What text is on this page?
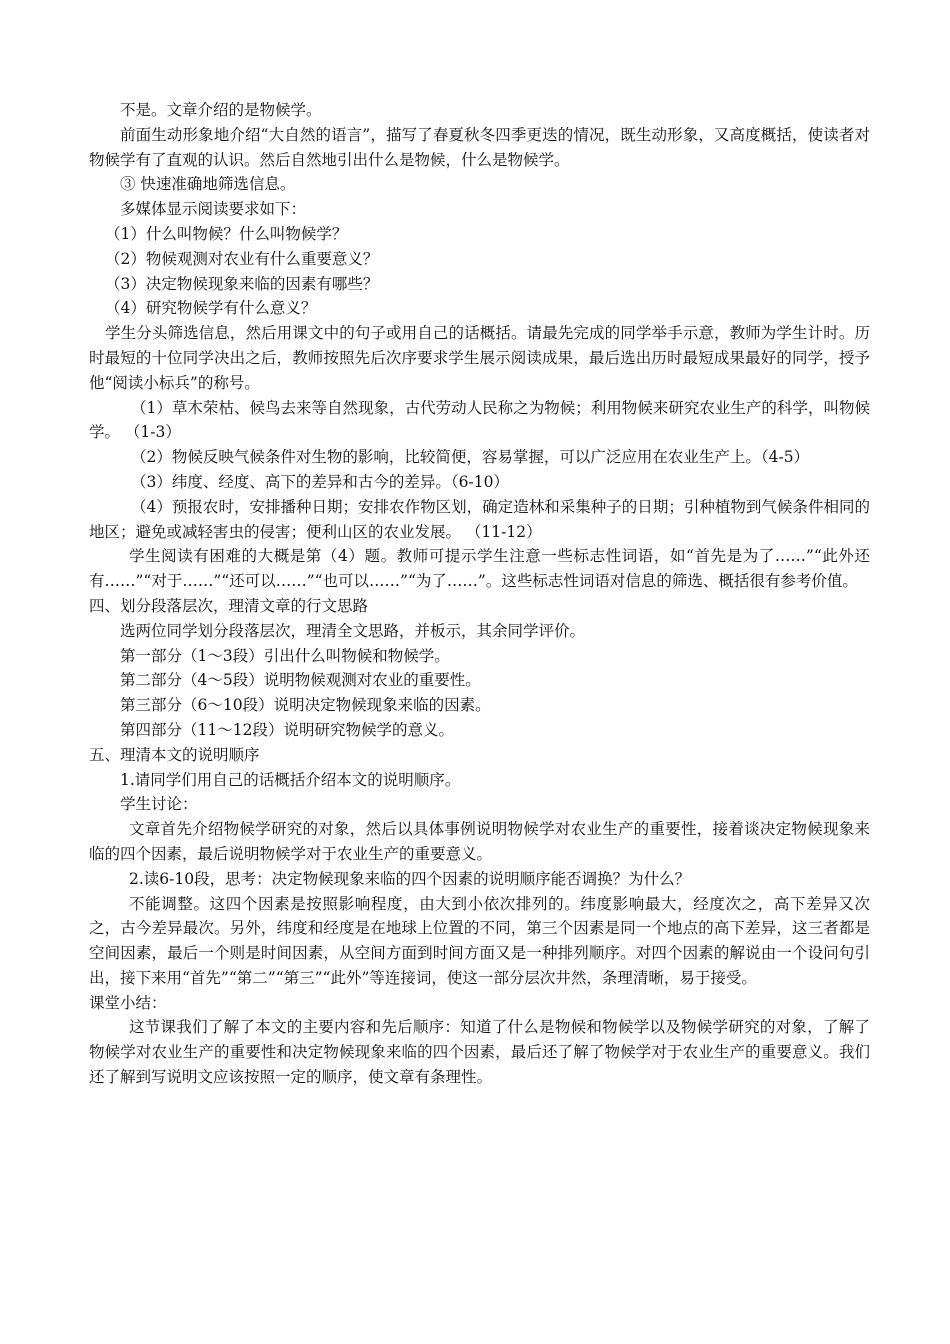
不是。文章介绍的是物候学。

前面生动形象地介绍“大自然的语言”，描写了春夏秋冬四季更迭的情况，既生动形象，又高度概括，使读者对物候学有了直观的认识。然后自然地引出什么是物候，什么是物候学。

③ 快速准确地筛选信息。

多媒体显示阅读要求如下：

（1）什么叫物候？什么叫物候学？

（2）物候观测对农业有什么重要意义？

（3）决定物候现象来临的因素有哪些？

（4）研究物候学有什么意义？

学生分头筛选信息，然后用课文中的句子或用自己的话概括。请最先完成的同学举手示意，教师为学生计时。历时最短的十位同学决出之后，教师按照先后次序要求学生展示阅读成果，最后选出历时最短成果最好的同学，授予他“阅读小标兵”的称号。

（1）草木荣枯、候鸟去来等自然现象，古代劳动人民称之为物候；利用物候来研究农业生产的科学，叫物候学。 （1-3）

（2）物候反映气候条件对生物的影响，比较简便，容易掌握，可以广泛应用在农业生产上。（4-5）

（3）纬度、经度、高下的差异和古今的差异。（6-10）

（4）预报农时，安排播种日期；安排农作物区划，确定造林和采集种子的日期；引种植物到气候条件相同的地区；避免或减轻害虫的侵害；便利山区的农业发展。 （11-12）

学生阅读有困难的大概是第（4）题。教师可提示学生注意一些标志性词语，如“首先是为了……”“此外还有……”“对于……”“还可以……”“也可以……”“为了……”。这些标志性词语对信息的筛选、概括很有参考价值。

四、划分段落层次，理清文章的行文思路

选两位同学划分段落层次，理清全文思路，并板示，其余同学评价。

第一部分（1～3段）引出什么叫物候和物候学。

第二部分（4～5段）说明物候观测对农业的重要性。

第三部分（6～10段）说明决定物候现象来临的因素。

第四部分（11～12段）说明研究物候学的意义。

五、理清本文的说明顺序

1.请同学们用自己的话概括介绍本文的说明顺序。

学生讨论：

文章首先介绍物候学研究的对象，然后以具体事例说明物候学对农业生产的重要性，接着谈决定物候现象来临的四个因素，最后说明物候学对于农业生产的重要意义。

2.读6-10段，思考：决定物候现象来临的四个因素的说明顺序能否调换？为什么？

不能调整。这四个因素是按照影响程度，由大到小依次排列的。纬度影响最大，经度次之，高下差异又次之，古今差异最次。另外，纬度和经度是在地球上位置的不同，第三个因素是同一个地点的高下差异，这三者都是空间因素，最后一个则是时间因素，从空间方面到时间方面又是一种排列顺序。对四个因素的解说由一个设问句引出，接下来用“首先”“第二”“第三”“此外”等连接词，使这一部分层次井然，条理清晰，易于接受。

课堂小结：

这节课我们了解了本文的主要内容和先后顺序：知道了什么是物候和物候学以及物候学研究的对象，了解了物候学对农业生产的重要性和决定物候现象来临的四个因素，最后还了解了物候学对于农业生产的重要意义。我们还了解到写说明文应该按照一定的顺序，使文章有条理性。
